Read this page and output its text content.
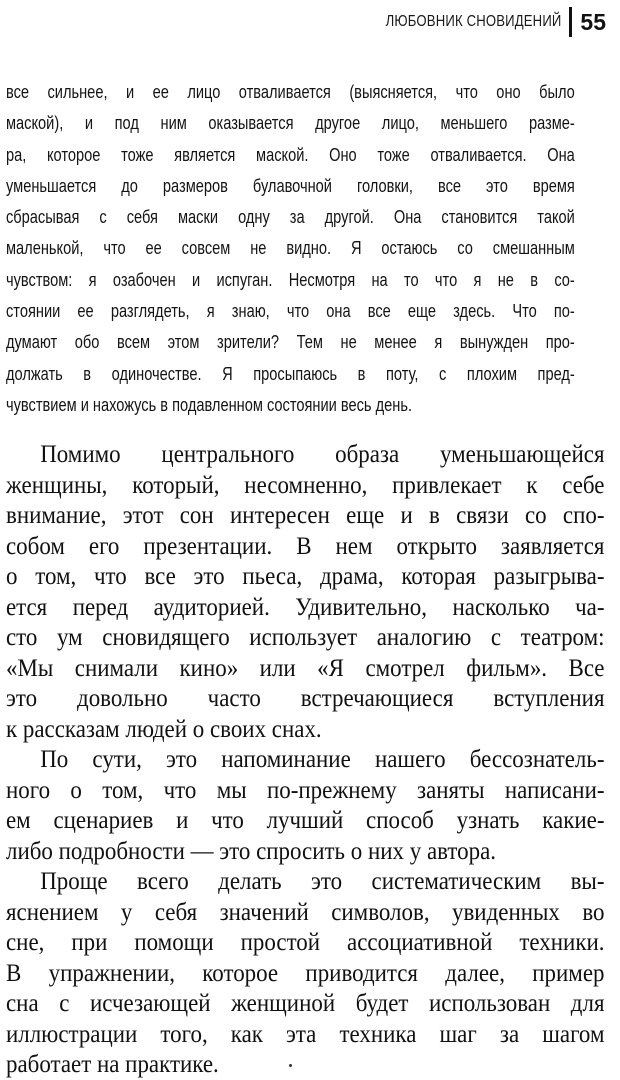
ЛЮБОВНИК СНОВИДЕНИЙ 55
все сильнее, и ее лицо отваливается (выясняется, что оно было
маской), и под ним оказывается другое лицо, меньшего разме-
ра, которое тоже является маской. Оно тоже отваливается. Она
уменьшается до размеров булавочной головки, все это время
сбрасывая с себя маски одну за другой. Она становится такой
маленькой, что ее совсем не видно. Я остаюсь со смешанным
чувством: я озабочен и испуган. Несмотря на то что я не в со-
стоянии ее разглядеть, я знаю, что она все еще здесь. Что по-
думают обо всем этом зрители? Тем не менее я вынужден про-
должать в одиночестве. Я просыпаюсь в поту, с плохим пред-
чувствием и нахожусь в подавленном состоянии весь день.
Помимо центрального образа уменьшающейся
женщины, который, несомненно, привлекает к себе
внимание, этот сон интересен еще и в связи со спо-
собом его презентации. В нем открыто заявляется
о том, что все это пьеса, драма, которая разыгрыва-
ется перед аудиторией. Удивительно, насколько ча-
сто ум сновидящего использует аналогию с театром:
«Мы снимали кино» или «Я смотрел фильм». Все
это довольно часто встречающиеся вступления
к рассказам людей о своих снах.
По сути, это напоминание нашего бессознатель-
ного о том, что мы по-прежнему заняты написани-
ем сценариев и что лучший способ узнать какие-
либо подробности — это спросить о них у автора.
Проще всего делать это систематическим вы-
яснением у себя значений символов, увиденных во
сне, при помощи простой ассоциативной техники.
В упражнении, которое приводится далее, пример
сна с исчезающей женщиной будет использован для
иллюстрации того, как эта техника шаг за шагом
работает на практике.
